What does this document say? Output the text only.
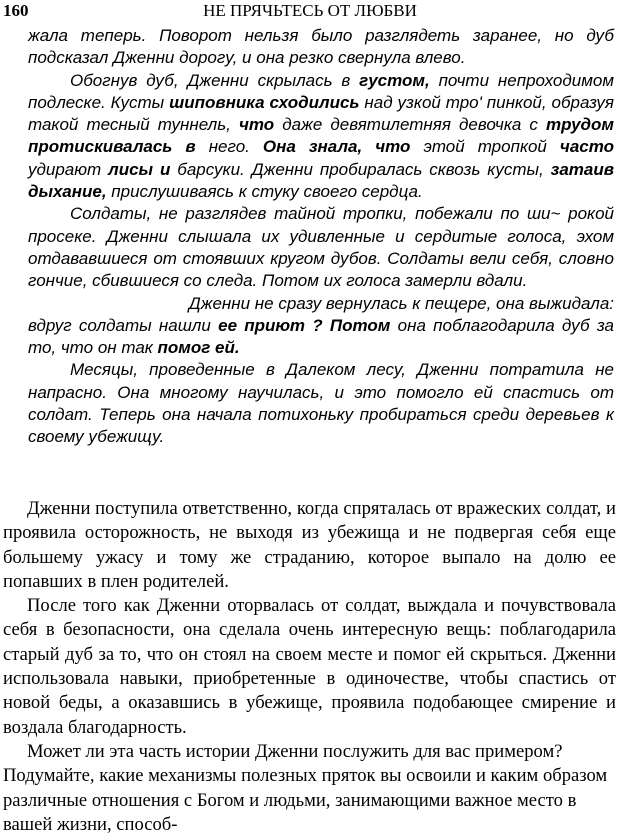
160	НЕ ПРЯЧЬТЕСЬ ОТ ЛЮБВИ

жала теперь. Поворот нельзя было разглядеть заранее, но дуб подсказал Дженни дорогу, и она резко свернула влево.

Обогнув дуб, Дженни скрылась в густом, почти непроходимом подлеске. Кусты шиповника сходились над узкой тро' пинкой, образуя такой тесный туннель, что даже девятилетняя девочка с трудом протискивалась в него. Она знала, что этой тропкой часто удирают лисы и барсуки. Дженни пробиралась сквозь кусты, затаив дыхание, прислушиваясь к стуку своего сердца.

Солдаты, не разглядев тайной тропки, побежали по ши~ рокой просеке. Дженни слышала их удивленные и сердитые голоса, эхом отдававшиеся от стоявших кругом дубов. Солдаты вели себя, словно гончие, сбившиеся со следа. Потом их голоса замерли вдали.

Дженни не сразу вернулась к пещере, она выжидала:

вдруг солдаты нашли ее приют ? Потом она поблагодарила дуб за то, что он так помог ей.

Месяцы, проведенные в Далеком лесу, Дженни потратила не напрасно. Она многому научилась, и это помогло ей спастись от солдат. Теперь она начала потихоньку пробираться среди деревьев к своему убежищу.

Дженни поступила ответственно, когда спряталась от вражеских солдат, и проявила осторожность, не выходя из убежища и не подвергая себя еще большему ужасу и тому же страданию, которое выпало на долю ее попавших в плен родителей.

После того как Дженни оторвалась от солдат, выждала и почувствовала себя в безопасности, она сделала очень интересную вещь: поблагодарила старый дуб за то, что он стоял на своем месте и помог ей скрыться. Дженни использовала навыки, приобретенные в одиночестве, чтобы спастись от новой беды, а оказавшись в убежище, проявила подобающее смирение и воздала благодарность.

Может ли эта часть истории Дженни послужить для вас примером? Подумайте, какие механизмы полезных пряток вы освоили и каким образом различные отношения с Богом и людьми, занимающими важное место в вашей жизни, способ-
